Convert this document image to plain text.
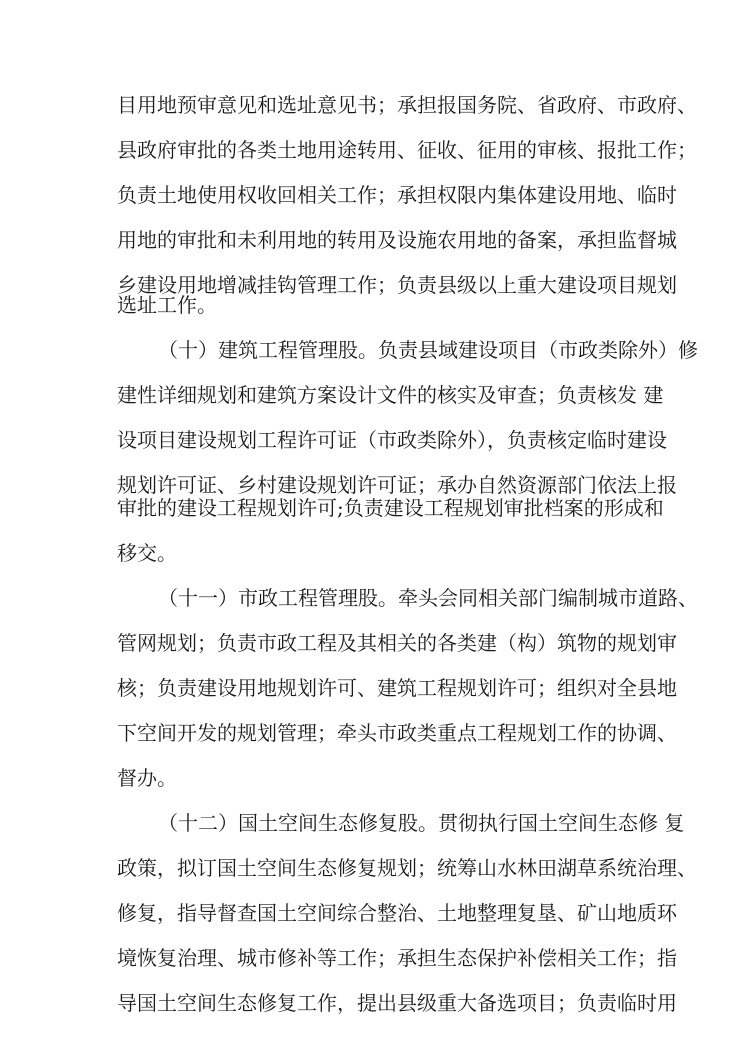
目用地预审意见和选址意见书；承担报国务院、省政府、市政府、
县政府审批的各类土地用途转用、征收、征用的审核、报批工作；
负责土地使用权收回相关工作；承担权限内集体建设用地、临时
用地的审批和未利用地的转用及设施农用地的备案，承担监督城
乡建设用地增减挂钩管理工作；负责县级以上重大建设项目规划
选址工作。
（十）建筑工程管理股。负责县域建设项目（市政类除外）修
建性详细规划和建筑方案设计文件的核实及审查；负责核发 建
设项目建设规划工程许可证（市政类除外），负责核定临时建设
规划许可证、乡村建设规划许可证；承办自然资源部门依法上报
审批的建设工程规划许可;负责建设工程规划审批档案的形成和
移交。
（十一）市政工程管理股。牵头会同相关部门编制城市道路、
管网规划；负责市政工程及其相关的各类建（构）筑物的规划审
核；负责建设用地规划许可、建筑工程规划许可；组织对全县地
下空间开发的规划管理；牵头市政类重点工程规划工作的协调、
督办。
（十二）国土空间生态修复股。贯彻执行国土空间生态修 复
政策，拟订国土空间生态修复规划；统筹山水林田湖草系统治理、
修复，指导督查国土空间综合整治、土地整理复垦、矿山地质环
境恢复治理、城市修补等工作；承担生态保护补偿相关工作；指
导国土空间生态修复工作，提出县级重大备选项目；负责临时用
